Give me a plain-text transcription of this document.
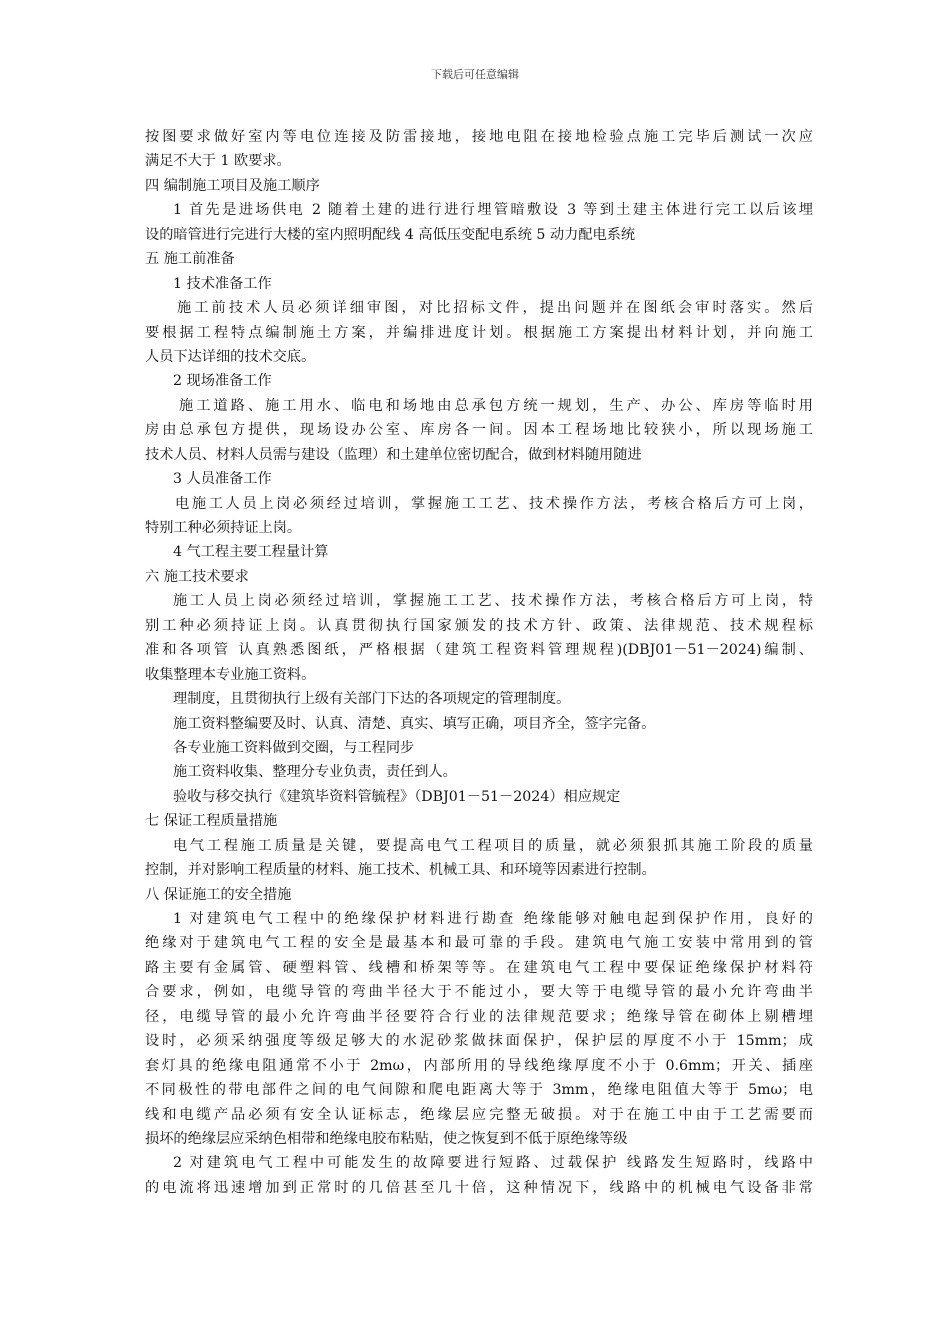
下载后可任意编辑
按图要求做好室内等电位连接及防雷接地，接地电阻在接地检验点施工完毕后测试一次应
满足不大于 1 欧要求。
四 编制施工项目及施工顺序
1 首先是进场供电 2 随着土建的进行进行埋管暗敷设 3 等到土建主体进行完工以后该埋
设的暗管进行完进行大楼的室内照明配线 4 高低压变配电系统 5 动力配电系统
五 施工前准备
1 技术准备工作
施工前技术人员必须详细审图，对比招标文件，提出问题并在图纸会审时落实。然后
要根据工程特点编制施土方案，并编排进度计划。根据施工方案提出材料计划，并向施工
人员下达详细的技术交底。
2 现场准备工作
施工道路、施工用水、临电和场地由总承包方统一规划，生产、办公、库房等临时用
房由总承包方提供，现场设办公室、库房各一间。因本工程场地比较狭小，所以现场施工
技术人员、材料人员需与建设（监理）和土建单位密切配合，做到材料随用随进
3 人员准备工作
电施工人员上岗必须经过培训，掌握施工工艺、技术操作方法，考核合格后方可上岗，
特别工种必须持证上岗。
4 气工程主要工程量计算
六 施工技术要求
施工人员上岗必须经过培训，掌握施工工艺、技术操作方法，考核合格后方可上岗，特
别工种必须持证上岗。认真贯彻执行国家颁发的技术方针、政策、法律规范、技术规程标
准和各项管 认真熟悉图纸，严格根据（建筑工程资料管理规程)(DBJ01－51－2024)编制、
收集整理本专业施工资料。
理制度，且贯彻执行上级有关部门下达的各项规定的管理制度。
施工资料整编要及时、认真、清楚、真实、填写正确，项目齐全，签字完备。
各专业施工资料做到交圈，与工程同步
施工资料收集、整理分专业负责，责任到人。
验收与移交执行《建筑毕资料管毓程》（DBJ01－51－2024）相应规定
七 保证工程质量措施
电气工程施工质量是关键，要提高电气工程项目的质量，就必须狠抓其施工阶段的质量
控制，并对影响工程质量的材料、施工技术、机械工具、和环境等因素进行控制。
八 保证施工的安全措施
1 对建筑电气工程中的绝缘保护材料进行勘查 绝缘能够对触电起到保护作用，良好的
绝缘对于建筑电气工程的安全是最基本和最可靠的手段。建筑电气施工安装中常用到的管
路主要有金属管、硬塑料管、线槽和桥架等等。在建筑电气工程中要保证绝缘保护材料符
合要求，例如，电缆导管的弯曲半径大于不能过小，要大等于电缆导管的最小允许弯曲半
径，电缆导管的最小允许弯曲半径要符合行业的法律规范要求；绝缘导管在砌体上剔槽埋
设时，必须采纳强度等级足够大的水泥砂浆做抹面保护，保护层的厚度不小于 15mm；成
套灯具的绝缘电阻通常不小于 2mω，内部所用的导线绝缘厚度不小于 0.6mm；开关、插座
不同极性的带电部件之间的电气间隙和爬电距离大等于 3mm，绝缘电阻值大等于 5mω；电
线和电缆产品必须有安全认证标志，绝缘层应完整无破损。对于在施工中由于工艺需要而
损坏的绝缘层应采纳色相带和绝缘电胶布粘贴，使之恢复到不低于原绝缘等级
2 对建筑电气工程中可能发生的故障要进行短路、过载保护 线路发生短路时，线路中
的电流将迅速增加到正常时的几倍甚至几十倍，这种情况下，线路中的机械电气设备非常
